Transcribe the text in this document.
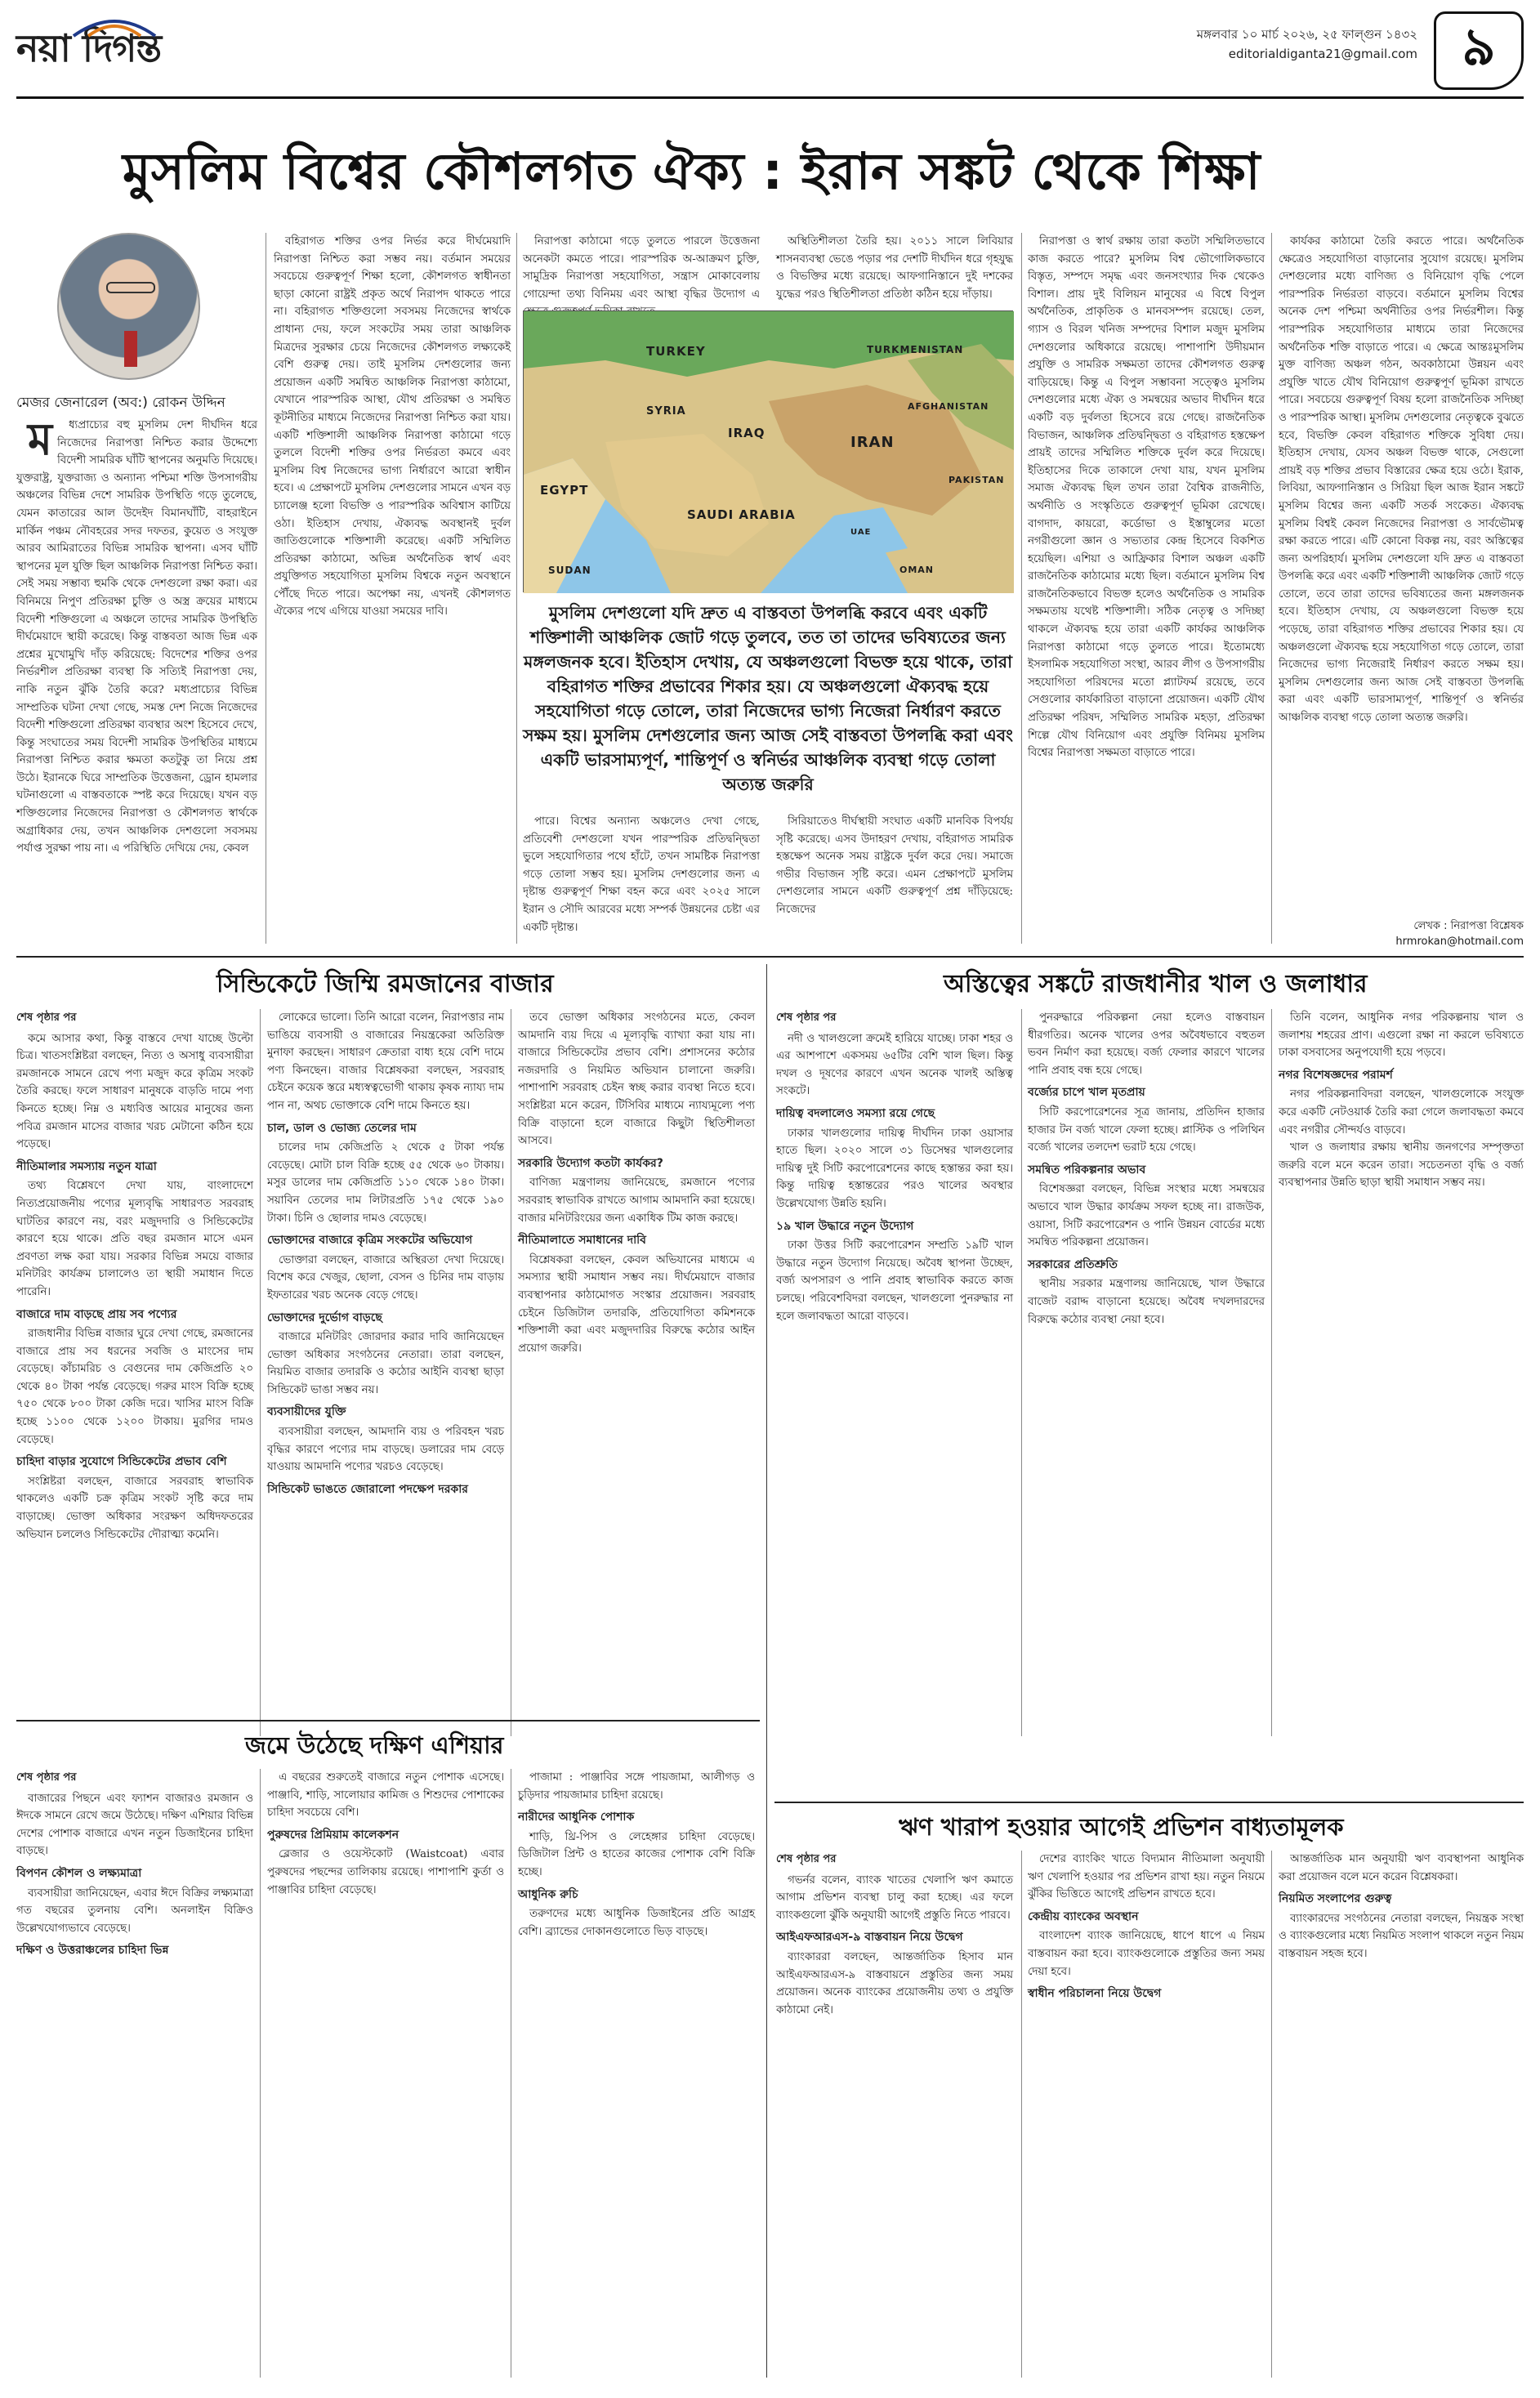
নয়া দিগন্ত	মঙ্গলবার ১০ মার্চ ২০২৬, ২৫ ফাল্গুন ১৪৩২
editorialdiganta21@gmail.com ৯
মুসলিম বিশ্বের কৌশলগত ঐক্য : ইরান সঙ্কট থেকে শিক্ষা
মেজর জেনারেল (অব:) রোকন উদ্দিন

ম ধ্যপ্রাচ্যের বহু মুসলিম দেশ দীর্ঘদিন ধরে নিজেদের নিরাপত্তা নিশ্চিত করার উদ্দেশ্যে বিদেশী সামরিক ঘাঁটি স্থাপনের অনুমতি দিয়েছে। যুক্তরাষ্ট্র, যুক্তরাজ্য ও অন্যান্য পশ্চিমা শক্তি উপসাগরীয় অঞ্চলের বিভিন্ন দেশে সামরিক উপস্থিতি গড়ে তুলেছে, যেমন কাতারের আল উদেইদ বিমানঘাঁটি, বাহরাইনে মার্কিন পঞ্চম নৌবহরের সদর দফতর, কুয়েত ও সংযুক্ত আরব আমিরাতের বিভিন্ন সামরিক স্থাপনা। এসব ঘাঁটি স্থাপনের মূল যুক্তি ছিল আঞ্চলিক নিরাপত্তা নিশ্চিত করা। সেই সময় সম্ভাব্য হুমকি থেকে দেশগুলো রক্ষা করা। এর বিনিময়ে নিপুণ প্রতিরক্ষা চুক্তি ও অস্ত্র ক্রয়ের মাধ্যমে বিদেশী শক্তিগুলো এ অঞ্চলে তাদের সামরিক উপস্থিতি দীর্ঘমেয়াদে স্থায়ী করেছে। কিন্তু বাস্তবতা আজ ভিন্ন এক প্রশ্নের মুখোমুখি দাঁড় করিয়েছে: বিদেশের শক্তির ওপর নির্ভরশীল প্রতিরক্ষা ব্যবস্থা কি সত্যিই নিরাপত্তা দেয়, নাকি নতুন ঝুঁকি তৈরি করে? মধ্যপ্রাচ্যের বিভিন্ন সাম্প্রতিক ঘটনা দেখা গেছে, সমস্ত দেশ নিজে নিজেদের বিদেশী শক্তিগুলো প্রতিরক্ষা ব্যবস্থার অংশ হিসেবে দেখে, কিন্তু সংঘাতের সময় বিদেশী সামরিক উপস্থিতির মাধ্যমে নিরাপত্তা নিশ্চিত করার ক্ষমতা কতটুকু তা নিয়ে প্রশ্ন উঠে। ইরানকে ঘিরে সাম্প্রতিক উত্তেজনা, ড্রোন হামলার ঘটনাগুলো এ বাস্তবতাকে স্পষ্ট করে দিয়েছে। যখন বড় শক্তিগুলোর নিজেদের নিরাপত্তা ও কৌশলগত স্বার্থকে অগ্রাধিকার দেয়, তখন আঞ্চলিক দেশগুলো সবসময় পর্যাপ্ত সুরক্ষা পায় না। এ পরিস্থিতি দেখিয়ে দেয়, কেবল

বহিরাগত শক্তির ওপর নির্ভর করে দীর্ঘমেয়াদি নিরাপত্তা নিশ্চিত করা সম্ভব নয়। বর্তমান সময়ের সবচেয়ে গুরুত্বপূর্ণ শিক্ষা হলো, কৌশলগত স্বাধীনতা ছাড়া কোনো রাষ্ট্রই প্রকৃত অর্থে নিরাপদ থাকতে পারে না। বহিরাগত শক্তিগুলো সবসময় নিজেদের স্বার্থকে প্রাধান্য দেয়, ফলে সংকটের সময় তারা আঞ্চলিক মিত্রদের সুরক্ষার চেয়ে নিজেদের কৌশলগত লক্ষ্যকেই বেশি গুরুত্ব দেয়। তাই মুসলিম দেশগুলোর জন্য প্রয়োজন একটি সমন্বিত আঞ্চলিক নিরাপত্তা কাঠামো, যেখানে পারস্পরিক আস্থা, যৌথ প্রতিরক্ষা ও সমন্বিত কূটনীতির মাধ্যমে নিজেদের নিরাপত্তা নিশ্চিত করা যায়। একটি শক্তিশালী আঞ্চলিক নিরাপত্তা কাঠামো গড়ে তুললে বিদেশী শক্তির ওপর নির্ভরতা কমবে এবং মুসলিম বিশ্ব নিজেদের ভাগ্য নির্ধারণে আরো স্বাধীন হবে। এ প্রেক্ষাপটে মুসলিম দেশগুলোর সামনে এখন বড় চ্যালেঞ্জ হলো বিভক্তি ও পারস্পরিক অবিশ্বাস কাটিয়ে ওঠা। ইতিহাস দেখায়, ঐক্যবদ্ধ অবস্থানই দুর্বল জাতিগুলোকে শক্তিশালী করেছে। একটি সম্মিলিত প্রতিরক্ষা কাঠামো, অভিন্ন অর্থনৈতিক স্বার্থ এবং প্রযুক্তিগত সহযোগিতা মুসলিম বিশ্বকে নতুন অবস্থানে পৌঁছে দিতে পারে। অপেক্ষা নয়, এখনই কৌশলগত ঐক্যের পথে এগিয়ে যাওয়া সময়ের দাবি।

নিরাপত্তা কাঠামো গড়ে তুলতে পারলে উত্তেজনা অনেকটা কমতে পারে। পারস্পরিক অ-আক্রমণ চুক্তি, সামুদ্রিক নিরাপত্তা সহযোগিতা, সন্ত্রাস মোকাবেলায় গোয়েন্দা তথ্য বিনিময় এবং আস্থা বৃদ্ধির উদ্যোগ এ

অস্থিতিশীলতা তৈরি হয়। ২০১১ সালে লিবিয়ার শাসনব্যবস্থা ভেঙে পড়ার পর দেশটি দীর্ঘদিন ধরে গৃহযুদ্ধ ও বিভক্তির মধ্যে রয়েছে। আফগানিস্তানে দুই দশকের যুদ্ধের পরও স্থিতিশীলতা প্রতিষ্ঠা কঠিন হয়ে দাঁড়ায়।

TURKEY	TURKMENISTAN
SYRIA
IRAQ
IRAN
AFGHANISTAN
PAKISTAN
EGYPT
SAUDI ARABIA
SUDAN
UAE
OMAN
মুসলিম দেশগুলো যদি দ্রুত এ বাস্তবতা উপলব্ধি করবে এবং একটি শক্তিশালী আঞ্চলিক জোট গড়ে তুলবে, তত তা তাদের ভবিষ্যতের জন্য মঙ্গলজনক হবে। ইতিহাস দেখায়, যে অঞ্চলগুলো বিভক্ত হয়ে থাকে, তারা বহিরাগত শক্তির প্রভাবের শিকার হয়। যে অঞ্চলগুলো ঐক্যবদ্ধ হয়ে সহযোগিতা গড়ে তোলে, তারা নিজেদের ভাগ্য নিজেরা নির্ধারণ করতে সক্ষম হয়। মুসলিম দেশগুলোর জন্য আজ সেই বাস্তবতা উপলব্ধি করা এবং একটি ভারসাম্যপূর্ণ, শান্তিপূর্ণ ও স্বনির্ভর আঞ্চলিক ব্যবস্থা গড়ে তোলা অত্যন্ত জরুরি

পারে। বিশ্বের অন্যান্য অঞ্চলেও দেখা গেছে, প্রতিবেশী দেশগুলো যখন পারস্পরিক প্রতিদ্বন্দ্বিতা ভুলে সহযোগিতার পথে হাঁটে, তখন সামষ্টিক নিরাপত্তা গড়ে তোলা সম্ভব হয়। মুসলিম দেশগুলোর জন্য এ দৃষ্টান্ত গুরুত্বপূর্ণ শিক্ষা বহন করে এবং ২০২৫ সালে ইরান ও সৌদি আরবের মধ্যে সম্পর্ক উন্নয়নের চেষ্টা এর একটি দৃষ্টান্ত।

সিরিয়াতেও দীর্ঘস্থায়ী সংঘাত একটি মানবিক বিপর্যয় সৃষ্টি করেছে। এসব উদাহরণ দেখায়, বহিরাগত সামরিক হস্তক্ষেপ অনেক সময় রাষ্ট্রকে দুর্বল করে দেয়। সমাজে গভীর বিভাজন সৃষ্টি করে। এমন প্রেক্ষাপটে মুসলিম দেশগুলোর সামনে একটি গুরুত্বপূর্ণ প্রশ্ন দাঁড়িয়েছে: নিজেদের

নিরাপত্তা ও স্বার্থ রক্ষায় তারা কতটা সম্মিলিতভাবে কাজ করতে পারে? মুসলিম বিশ্ব ভৌগোলিকভাবে বিস্তৃত, সম্পদে সমৃদ্ধ এবং জনসংখ্যার দিক থেকেও বিশাল। প্রায় দুই বিলিয়ন মানুষের এ বিশ্বে বিপুল অর্থনৈতিক, প্রাকৃতিক ও মানবসম্পদ রয়েছে। তেল, গ্যাস ও বিরল খনিজ সম্পদের বিশাল মজুদ মুসলিম দেশগুলোর অধিকারে রয়েছে। পাশাপাশি উদীয়মান প্রযুক্তি ও সামরিক সক্ষমতা তাদের কৌশলগত গুরুত্ব বাড়িয়েছে। কিন্তু এ বিপুল সম্ভাবনা সত্ত্বেও মুসলিম দেশগুলোর মধ্যে ঐক্য ও সমন্বয়ের অভাব দীর্ঘদিন ধরে একটি বড় দুর্বলতা হিসেবে রয়ে গেছে। রাজনৈতিক বিভাজন, আঞ্চলিক প্রতিদ্বন্দ্বিতা ও বহিরাগত হস্তক্ষেপ প্রায়ই তাদের সম্মিলিত শক্তিকে দুর্বল করে দিয়েছে। ইতিহাসের দিকে তাকালে দেখা যায়, যখন মুসলিম সমাজ ঐক্যবদ্ধ ছিল তখন তারা বৈশ্বিক রাজনীতি, অর্থনীতি ও সংস্কৃতিতে গুরুত্বপূর্ণ ভূমিকা রেখেছে। বাগদাদ, কায়রো, কর্ডোভা ও ইস্তাম্বুলের মতো নগরীগুলো জ্ঞান ও সভ্যতার কেন্দ্র হিসেবে বিকশিত হয়েছিল। এশিয়া ও আফ্রিকার বিশাল অঞ্চল একটি রাজনৈতিক কাঠামোর মধ্যে ছিল। বর্তমানে মুসলিম বিশ্ব রাজনৈতিকভাবে বিভক্ত হলেও অর্থনৈতিক ও সামরিক সক্ষমতায় যথেষ্ট শক্তিশালী। সঠিক নেতৃত্ব ও সদিচ্ছা থাকলে ঐক্যবদ্ধ হয়ে তারা একটি কার্যকর আঞ্চলিক নিরাপত্তা কাঠামো গড়ে তুলতে পারে। ইতোমধ্যে ইসলামিক সহযোগিতা সংস্থা, আরব লীগ ও উপসাগরীয় সহযোগিতা পরিষদের মতো প্ল্যাটফর্ম রয়েছে, তবে সেগুলোর কার্যকারিতা বাড়ানো প্রয়োজন। একটি যৌথ প্রতিরক্ষা পরিষদ, সম্মিলিত সামরিক মহড়া, প্রতিরক্ষা শিল্পে যৌথ বিনিয়োগ এবং প্রযুক্তি বিনিময় মুসলিম বিশ্বের নিরাপত্তা সক্ষমতা বাড়াতে পারে।

কার্যকর কাঠামো তৈরি করতে পারে। অর্থনৈতিক ক্ষেত্রেও সহযোগিতা বাড়ানোর সুযোগ রয়েছে। মুসলিম দেশগুলোর মধ্যে বাণিজ্য ও বিনিয়োগ বৃদ্ধি পেলে পারস্পরিক নির্ভরতা বাড়বে। বর্তমানে মুসলিম বিশ্বের অনেক দেশ পশ্চিমা অর্থনীতির ওপর নির্ভরশীল। কিন্তু পারস্পরিক সহযোগিতার মাধ্যমে তারা নিজেদের অর্থনৈতিক শক্তি বাড়াতে পারে। এ ক্ষেত্রে আন্তঃমুসলিম মুক্ত বাণিজ্য অঞ্চল গঠন, অবকাঠামো উন্নয়ন এবং প্রযুক্তি খাতে যৌথ বিনিয়োগ গুরুত্বপূর্ণ ভূমিকা রাখতে পারে। সবচেয়ে গুরুত্বপূর্ণ বিষয় হলো রাজনৈতিক সদিচ্ছা ও পারস্পরিক আস্থা। মুসলিম দেশগুলোর নেতৃত্বকে বুঝতে হবে, বিভক্তি কেবল বহিরাগত শক্তিকে সুবিধা দেয়। ইতিহাস দেখায়, যেসব অঞ্চল বিভক্ত থাকে, সেগুলো প্রায়ই বড় শক্তির প্রভাব বিস্তারের ক্ষেত্র হয়ে ওঠে। ইরাক, লিবিয়া, আফগানিস্তান ও সিরিয়া ছিল আজ ইরান সঙ্কটে মুসলিম বিশ্বের জন্য একটি সতর্ক সংকেত। ঐক্যবদ্ধ মুসলিম বিশ্বই কেবল নিজেদের নিরাপত্তা ও সার্বভৌমত্ব রক্ষা করতে পারে। এটি কোনো বিকল্প নয়, বরং অস্তিত্বের জন্য অপরিহার্য। মুসলিম দেশগুলো যদি দ্রুত এ বাস্তবতা উপলব্ধি করে এবং একটি শক্তিশালী আঞ্চলিক জোট গড়ে তোলে, তবে তারা তাদের ভবিষ্যতের জন্য মঙ্গলজনক হবে। ইতিহাস দেখায়, যে অঞ্চলগুলো বিভক্ত হয়ে পড়েছে, তারা বহিরাগত শক্তির প্রভাবের শিকার হয়। যে অঞ্চলগুলো ঐক্যবদ্ধ হয়ে সহযোগিতা গড়ে তোলে, তারা নিজেদের ভাগ্য নিজেরাই নির্ধারণ করতে সক্ষম হয়। মুসলিম দেশগুলোর জন্য আজ সেই বাস্তবতা উপলব্ধি করা এবং একটি ভারসাম্যপূর্ণ, শান্তিপূর্ণ ও স্বনির্ভর আঞ্চলিক ব্যবস্থা গড়ে তোলা অত্যন্ত জরুরি।

লেখক : নিরাপত্তা বিশ্লেষক
hrmrokan@hotmail.com
সিন্ডিকেটে জিম্মি রমজানের বাজার

শেষ পৃষ্ঠার পর

কমে আসার কথা, কিন্তু বাস্তবে দেখা যাচ্ছে উল্টো চিত্র। খাতসংশ্লিষ্টরা বলছেন, নিত্য ও অসাধু ব্যবসায়ীরা রমজানকে সামনে রেখে পণ্য মজুদ করে কৃত্রিম সংকট তৈরি করছে। ফলে সাধারণ মানুষকে বাড়তি দামে পণ্য কিনতে হচ্ছে। নিম্ন ও মধ্যবিত্ত আয়ের মানুষের জন্য পবিত্র রমজান মাসের বাজার খরচ মেটানো কঠিন হয়ে পড়েছে।

নীতিমালার সমস্যায় নতুন যাত্রা

তথ্য বিশ্লেষণে দেখা যায়, বাংলাদেশে নিত্যপ্রয়োজনীয় পণ্যের মূল্যবৃদ্ধি সাধারণত সরবরাহ ঘাটতির কারণে নয়, বরং মজুদদারি ও সিন্ডিকেটের কারণে হয়ে থাকে। প্রতি বছর রমজান মাসে এমন প্রবণতা লক্ষ করা যায়। সরকার বিভিন্ন সময়ে বাজার মনিটরিং কার্যক্রম চালালেও তা স্থায়ী সমাধান দিতে পারেনি।

বাজারে দাম বাড়ছে প্রায় সব পণ্যের

রাজধানীর বিভিন্ন বাজার ঘুরে দেখা গেছে, রমজানের বাজারে প্রায় সব ধরনের সবজি ও মাংসের দাম বেড়েছে। কাঁচামরিচ ও বেগুনের দাম কেজিপ্রতি ২০ থেকে ৪০ টাকা পর্যন্ত বেড়েছে। গরুর মাংস বিক্রি হচ্ছে ৭৫০ থেকে ৮০০ টাকা কেজি দরে। খাসির মাংস বিক্রি হচ্ছে ১১০০ থেকে ১২০০ টাকায়। মুরগির দামও বেড়েছে।

চাহিদা বাড়ার সুযোগে সিন্ডিকেটের প্রভাব বেশি

সংশ্লিষ্টরা বলছেন, বাজারে সরবরাহ স্বাভাবিক থাকলেও একটি চক্র কৃত্রিম সংকট সৃষ্টি করে দাম বাড়াচ্ছে। ভোক্তা অধিকার সংরক্ষণ অধিদফতরের অভিযান চললেও সিন্ডিকেটের দৌরাত্ম্য কমেনি।

লোকেরে ভালো। তিনি আরো বলেন, নিরাপত্তার নাম ভাঙিয়ে ব্যবসায়ী ও বাজারের নিয়ন্ত্রকেরা অতিরিক্ত মুনাফা করছেন। সাধারণ ক্রেতারা বাধ্য হয়ে বেশি দামে পণ্য কিনছেন। বাজার বিশ্লেষকরা বলছেন, সরবরাহ চেইনে কয়েক স্তরে মধ্যস্বত্বভোগী থাকায় কৃষক ন্যায্য দাম পান না, অথচ ভোক্তাকে বেশি দামে কিনতে হয়।

চাল, ডাল ও ভোজ্য তেলের দাম

চালের দাম কেজিপ্রতি ২ থেকে ৫ টাকা পর্যন্ত বেড়েছে। মোটা চাল বিক্রি হচ্ছে ৫৫ থেকে ৬০ টাকায়। মসুর ডালের দাম কেজিপ্রতি ১১০ থেকে ১৪০ টাকা। সয়াবিন তেলের দাম লিটারপ্রতি ১৭৫ থেকে ১৯০ টাকা। চিনি ও ছোলার দামও বেড়েছে।

ভোক্তাদের বাজারে কৃত্রিম সংকটের অভিযোগ

ভোক্তারা বলছেন, বাজারে অস্থিরতা দেখা দিয়েছে। বিশেষ করে খেজুর, ছোলা, বেসন ও চিনির দাম বাড়ায় ইফতারের খরচ অনেক বেড়ে গেছে।

ভোক্তাদের দুর্ভোগ বাড়ছে

বাজারে মনিটরিং জোরদার করার দাবি জানিয়েছেন ভোক্তা অধিকার সংগঠনের নেতারা। তারা বলছেন, নিয়মিত বাজার তদারকি ও কঠোর আইনি ব্যবস্থা ছাড়া সিন্ডিকেট ভাঙা সম্ভব নয়।

ব্যবসায়ীদের যুক্তি

ব্যবসায়ীরা বলছেন, আমদানি ব্যয় ও পরিবহন খরচ বৃদ্ধির কারণে পণ্যের দাম বাড়ছে। ডলারের দাম বেড়ে যাওয়ায় আমদানি পণ্যের খরচও বেড়েছে।

সিন্ডিকেট ভাঙতে জোরালো পদক্ষেপ দরকার

তবে ভোক্তা অধিকার সংগঠনের মতে, কেবল আমদানি ব্যয় দিয়ে এ মূল্যবৃদ্ধি ব্যাখ্যা করা যায় না। বাজারে সিন্ডিকেটের প্রভাব বেশি। প্রশাসনের কঠোর নজরদারি ও নিয়মিত অভিযান চালানো জরুরি। পাশাপাশি সরবরাহ চেইন স্বচ্ছ করার ব্যবস্থা নিতে হবে। সংশ্লিষ্টরা মনে করেন, টিসিবির মাধ্যমে ন্যায্যমূল্যে পণ্য বিক্রি বাড়ানো হলে বাজারে কিছুটা স্থিতিশীলতা আসবে।

সরকারি উদ্যোগ কতটা কার্যকর?

বাণিজ্য মন্ত্রণালয় জানিয়েছে, রমজানে পণ্যের সরবরাহ স্বাভাবিক রাখতে আগাম আমদানি করা হয়েছে। বাজার মনিটরিংয়ের জন্য একাধিক টিম কাজ করছে।

নীতিমালাতে সমাধানের দাবি

বিশ্লেষকরা বলছেন, কেবল অভিযানের মাধ্যমে এ সমস্যার স্থায়ী সমাধান সম্ভব নয়। দীর্ঘমেয়াদে বাজার ব্যবস্থাপনার কাঠামোগত সংস্কার প্রয়োজন। সরবরাহ চেইনে ডিজিটাল তদারকি, প্রতিযোগিতা কমিশনকে শক্তিশালী করা এবং মজুদদারির বিরুদ্ধে কঠোর আইন প্রয়োগ জরুরি।

অস্তিত্বের সঙ্কটে রাজধানীর খাল ও জলাধার

শেষ পৃষ্ঠার পর

নদী ও খালগুলো ক্রমেই হারিয়ে যাচ্ছে। ঢাকা শহর ও এর আশপাশে একসময় ৬৫টির বেশি খাল ছিল। কিন্তু দখল ও দূষণের কারণে এখন অনেক খালই অস্তিত্ব সংকটে।

দায়িত্ব বদলালেও সমস্যা রয়ে গেছে

ঢাকার খালগুলোর দায়িত্ব দীর্ঘদিন ঢাকা ওয়াসার হাতে ছিল। ২০২০ সালে ৩১ ডিসেম্বর খালগুলোর দায়িত্ব দুই সিটি করপোরেশনের কাছে হস্তান্তর করা হয়। কিন্তু দায়িত্ব হস্তান্তরের পরও খালের অবস্থার উল্লেখযোগ্য উন্নতি হয়নি।

১৯ খাল উদ্ধারে নতুন উদ্যোগ

ঢাকা উত্তর সিটি করপোরেশন সম্প্রতি ১৯টি খাল উদ্ধারে নতুন উদ্যোগ নিয়েছে। অবৈধ স্থাপনা উচ্ছেদ, বর্জ্য অপসারণ ও পানি প্রবাহ স্বাভাবিক করতে কাজ চলছে। পরিবেশবিদরা বলছেন, খালগুলো পুনরুদ্ধার না হলে জলাবদ্ধতা আরো বাড়বে।

পুনরুদ্ধারে পরিকল্পনা নেয়া হলেও বাস্তবায়ন ধীরগতির। অনেক খালের ওপর অবৈধভাবে বহুতল ভবন নির্মাণ করা হয়েছে। বর্জ্য ফেলার কারণে খালের পানি প্রবাহ বন্ধ হয়ে গেছে।

বর্জ্যের চাপে খাল মৃতপ্রায়

সিটি করপোরেশনের সূত্র জানায়, প্রতিদিন হাজার হাজার টন বর্জ্য খালে ফেলা হচ্ছে। প্লাস্টিক ও পলিথিন বর্জ্যে খালের তলদেশ ভরাট হয়ে গেছে।

সমন্বিত পরিকল্পনার অভাব

বিশেষজ্ঞরা বলছেন, বিভিন্ন সংস্থার মধ্যে সমন্বয়ের অভাবে খাল উদ্ধার কার্যক্রম সফল হচ্ছে না। রাজউক, ওয়াসা, সিটি করপোরেশন ও পানি উন্নয়ন বোর্ডের মধ্যে সমন্বিত পরিকল্পনা প্রয়োজন।

সরকারের প্রতিশ্রুতি

স্থানীয় সরকার মন্ত্রণালয় জানিয়েছে, খাল উদ্ধারে বাজেট বরাদ্দ বাড়ানো হয়েছে। অবৈধ দখলদারদের বিরুদ্ধে কঠোর ব্যবস্থা নেয়া হবে।

তিনি বলেন, আধুনিক নগর পরিকল্পনায় খাল ও জলাশয় শহরের প্রাণ। এগুলো রক্ষা না করলে ভবিষ্যতে ঢাকা বসবাসের অনুপযোগী হয়ে পড়বে।

নগর বিশেষজ্ঞদের পরামর্শ

নগর পরিকল্পনাবিদরা বলছেন, খালগুলোকে সংযুক্ত করে একটি নেটওয়ার্ক তৈরি করা গেলে জলাবদ্ধতা কমবে এবং নগরীর সৌন্দর্যও বাড়বে।

খাল ও জলাধার রক্ষায় স্থানীয় জনগণের সম্পৃক্ততা জরুরি বলে মনে করেন তারা। সচেতনতা বৃদ্ধি ও বর্জ্য ব্যবস্থাপনার উন্নতি ছাড়া স্থায়ী সমাধান সম্ভব নয়।

জমে উঠেছে দক্ষিণ এশিয়ার

শেষ পৃষ্ঠার পর

বাজারের পিছনে এবং ফ্যাশন বাজারও রমজান ও ঈদকে সামনে রেখে জমে উঠেছে। দক্ষিণ এশিয়ার বিভিন্ন দেশের পোশাক বাজারে এখন নতুন ডিজাইনের চাহিদা বাড়ছে।

বিপণন কৌশল ও লক্ষ্যমাত্রা

ব্যবসায়ীরা জানিয়েছেন, এবার ঈদে বিক্রির লক্ষ্যমাত্রা গত বছরের তুলনায় বেশি। অনলাইন বিক্রিও উল্লেখযোগ্যভাবে বেড়েছে।

দক্ষিণ ও উত্তরাঞ্চলের চাহিদা ভিন্ন

এ বছরের শুরুতেই বাজারে নতুন পোশাক এসেছে। পাঞ্জাবি, শাড়ি, সালোয়ার কামিজ ও শিশুদের পোশাকের চাহিদা সবচেয়ে বেশি।

পুরুষদের প্রিমিয়াম কালেকশন

ব্লেজার ও ওয়েস্টকোট (Waistcoat) এবার পুরুষদের পছন্দের তালিকায় রয়েছে। পাশাপাশি কুর্তা ও পাঞ্জাবির চাহিদা বেড়েছে।

পাজামা : পাঞ্জাবির সঙ্গে পায়জামা, আলীগড় ও চুড়িদার পায়জামার চাহিদা রয়েছে।

নারীদের আধুনিক পোশাক

শাড়ি, থ্রি-পিস ও লেহেঙ্গার চাহিদা বেড়েছে। ডিজিটাল প্রিন্ট ও হাতের কাজের পোশাক বেশি বিক্রি হচ্ছে।

আধুনিক রুচি

তরুণদের মধ্যে আধুনিক ডিজাইনের প্রতি আগ্রহ বেশি। ব্র্যান্ডের দোকানগুলোতে ভিড় বাড়ছে।

ঋণ খারাপ হওয়ার আগেই প্রভিশন বাধ্যতামূলক

শেষ পৃষ্ঠার পর

গভর্নর বলেন, ব্যাংক খাতের খেলাপি ঋণ কমাতে আগাম প্রভিশন ব্যবস্থা চালু করা হচ্ছে। এর ফলে ব্যাংকগুলো ঝুঁকি অনুযায়ী আগেই প্রস্তুতি নিতে পারবে।

আইএফআরএস-৯ বাস্তবায়ন নিয়ে উদ্বেগ

ব্যাংকাররা বলছেন, আন্তর্জাতিক হিসাব মান আইএফআরএস-৯ বাস্তবায়নে প্রস্তুতির জন্য সময় প্রয়োজন। অনেক ব্যাংকের প্রয়োজনীয় তথ্য ও প্রযুক্তি কাঠামো নেই।

দেশের ব্যাংকিং খাতে বিদ্যমান নীতিমালা অনুযায়ী ঋণ খেলাপি হওয়ার পর প্রভিশন রাখা হয়। নতুন নিয়মে ঝুঁকির ভিত্তিতে আগেই প্রভিশন রাখতে হবে।

কেন্দ্রীয় ব্যাংকের অবস্থান

বাংলাদেশ ব্যাংক জানিয়েছে, ধাপে ধাপে এ নিয়ম বাস্তবায়ন করা হবে। ব্যাংকগুলোকে প্রস্তুতির জন্য সময় দেয়া হবে।

স্বাধীন পরিচালনা নিয়ে উদ্বেগ

আন্তর্জাতিক মান অনুযায়ী ঋণ ব্যবস্থাপনা আধুনিক করা প্রয়োজন বলে মনে করেন বিশ্লেষকরা।

নিয়মিত সংলাপের গুরুত্ব

ব্যাংকারদের সংগঠনের নেতারা বলছেন, নিয়ন্ত্রক সংস্থা ও ব্যাংকগুলোর মধ্যে নিয়মিত সংলাপ থাকলে নতুন নিয়ম বাস্তবায়ন সহজ হবে।
